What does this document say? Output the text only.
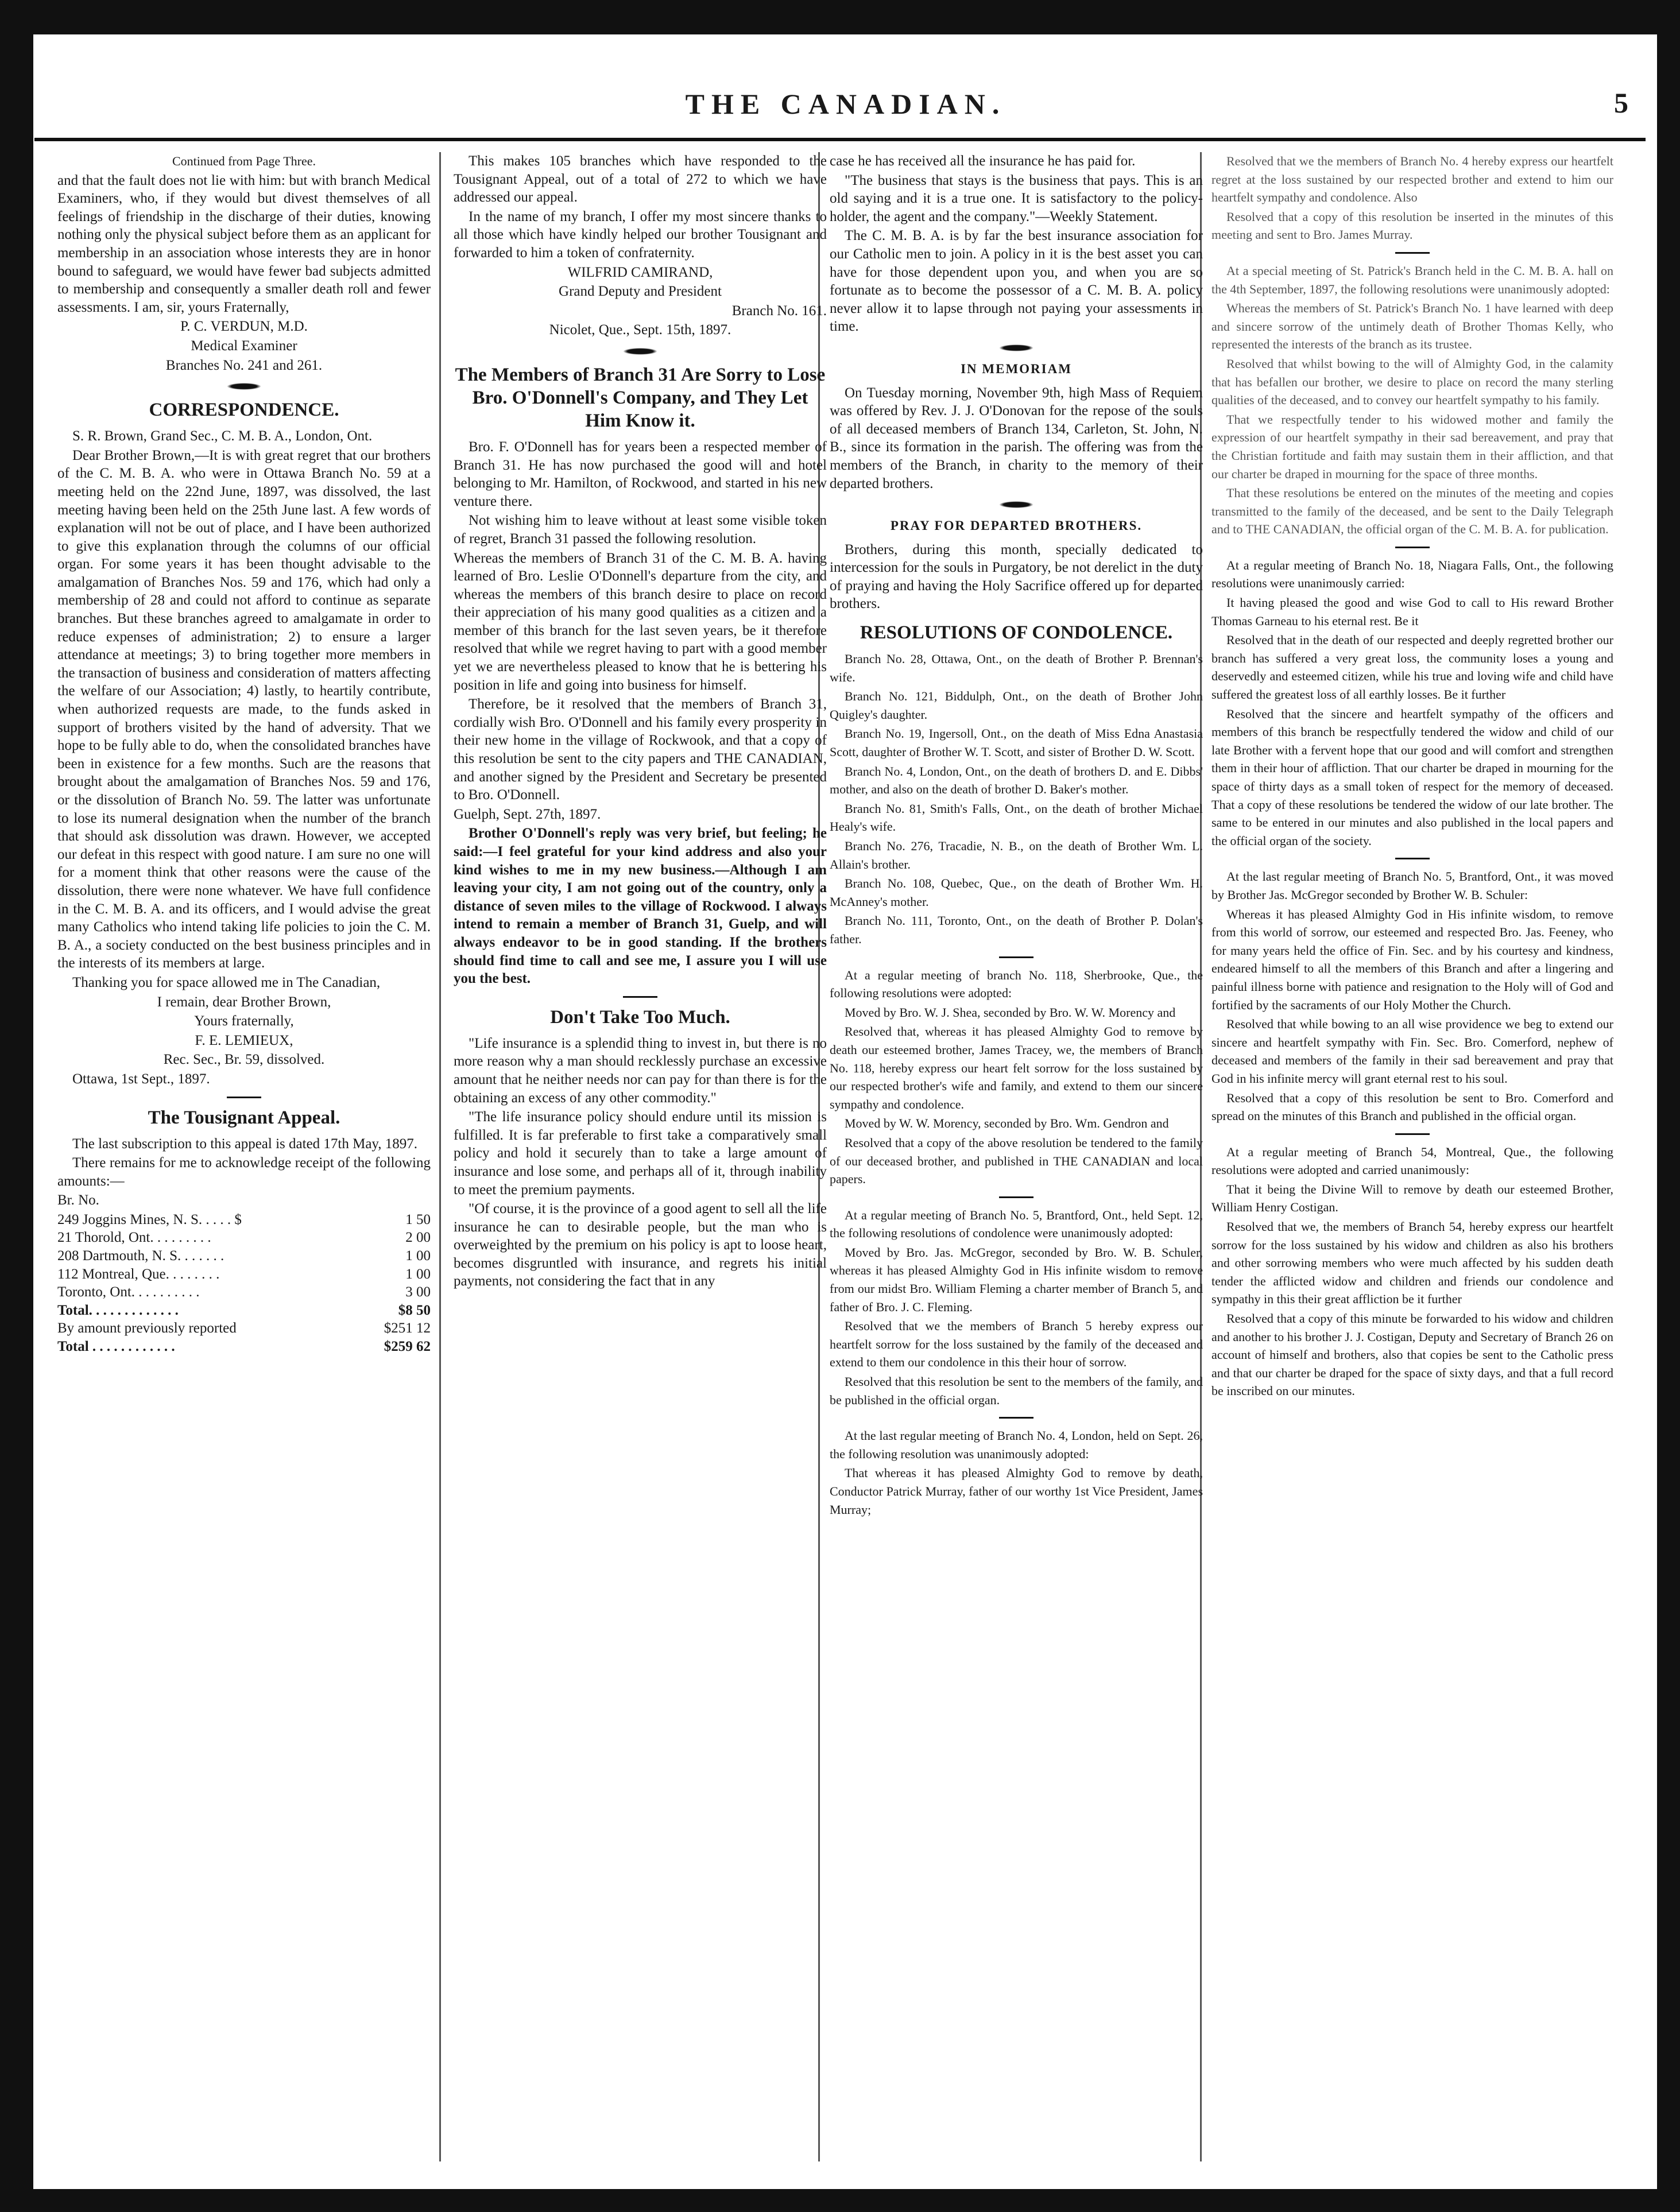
THE CANADIAN.	5

Continued from Page Three.

and that the fault does not lie with him: but with branch Medical Examiners, who, if they would but divest themselves of all feelings of friendship in the discharge of their duties, knowing nothing only the physical subject before them as an applicant for membership in an association whose interests they are in honor bound to safeguard, we would have fewer bad subjects admitted to membership and consequently a smaller death roll and fewer assessments. I am, sir, yours Fraternally,

P. C. VERDUN, M.D.

Medical Examiner

Branches No. 241 and 261.

CORRESPONDENCE.

S. R. Brown, Grand Sec., C. M. B. A., London, Ont.

Dear Brother Brown,—It is with great regret that our brothers of the C. M. B. A. who were in Ottawa Branch No. 59 at a meeting held on the 22nd June, 1897, was dissolved, the last meeting having been held on the 25th June last. A few words of explanation will not be out of place, and I have been authorized to give this explanation through the columns of our official organ. For some years it has been thought advisable to the amalgamation of Branches Nos. 59 and 176, which had only a membership of 28 and could not afford to continue as separate branches. But these branches agreed to amalgamate in order to reduce expenses of administration; 2) to ensure a larger attendance at meetings; 3) to bring together more members in the transaction of business and consideration of matters affecting the welfare of our Association; 4) lastly, to heartily contribute, when authorized requests are made, to the funds asked in support of brothers visited by the hand of adversity. That we hope to be fully able to do, when the consolidated branches have been in existence for a few months. Such are the reasons that brought about the amalgamation of Branches Nos. 59 and 176, or the dissolution of Branch No. 59. The latter was unfortunate to lose its numeral designation when the number of the branch that should ask dissolution was drawn. However, we accepted our defeat in this respect with good nature. I am sure no one will for a moment think that other reasons were the cause of the dissolution, there were none whatever. We have full confidence in the C. M. B. A. and its officers, and I would advise the great many Catholics who intend taking life policies to join the C. M. B. A., a society conducted on the best business principles and in the interests of its members at large.

Thanking you for space allowed me in The Canadian,

I remain, dear Brother Brown,

Yours fraternally,

F. E. LEMIEUX,

Rec. Sec., Br. 59, dissolved.

Ottawa, 1st Sept., 1897.

The Tousignant Appeal.

The last subscription to this appeal is dated 17th May, 1897.

There remains for me to acknowledge receipt of the following amounts:—

Br. No.

249 Joggins Mines, N. S. . . . . $	1 50
21 Thorold, Ont. . . . . . . . .	2 00
208 Dartmouth, N. S. . . . . . .	1 00
112 Montreal, Que. . . . . . . .	1 00
Toronto, Ont. . . . . . . . . .	3 00
Total. . . . . . . . . . . . .	$8 50
By amount previously reported	$251 12
Total . . . . . . . . . . . .	$259 62

This makes 105 branches which have responded to the Tousignant Appeal, out of a total of 272 to which we have addressed our appeal.

In the name of my branch, I offer my most sincere thanks to all those which have kindly helped our brother Tousignant and forwarded to him a token of confraternity.

WILFRID CAMIRAND,

Grand Deputy and President

Branch No. 161.

Nicolet, Que., Sept. 15th, 1897.

The Members of Branch 31 Are Sorry to Lose Bro. O'Donnell's Company, and They Let Him Know it.

Bro. F. O'Donnell has for years been a respected member of Branch 31. He has now purchased the good will and hotel belonging to Mr. Hamilton, of Rockwood, and started in his new venture there.

Not wishing him to leave without at least some visible token of regret, Branch 31 passed the following resolution.

Whereas the members of Branch 31 of the C. M. B. A. having learned of Bro. Leslie O'Donnell's departure from the city, and whereas the members of this branch desire to place on record their appreciation of his many good qualities as a citizen and a member of this branch for the last seven years, be it therefore resolved that while we regret having to part with a good member yet we are nevertheless pleased to know that he is bettering his position in life and going into business for himself.

Therefore, be it resolved that the members of Branch 31, cordially wish Bro. O'Donnell and his family every prosperity in their new home in the village of Rockwook, and that a copy of this resolution be sent to the city papers and THE CANADIAN, and another signed by the President and Secretary be presented to Bro. O'Donnell.

Guelph, Sept. 27th, 1897.

Brother O'Donnell's reply was very brief, but feeling; he said:—I feel grateful for your kind address and also your kind wishes to me in my new business.—Although I am leaving your city, I am not going out of the country, only a distance of seven miles to the village of Rockwood. I always intend to remain a member of Branch 31, Guelp, and will always endeavor to be in good standing. If the brothers should find time to call and see me, I assure you I will use you the best.

Don't Take Too Much.

"Life insurance is a splendid thing to invest in, but there is no more reason why a man should recklessly purchase an excessive amount that he neither needs nor can pay for than there is for the obtaining an excess of any other commodity."

"The life insurance policy should endure until its mission is fulfilled. It is far preferable to first take a comparatively small policy and hold it securely than to take a large amount of insurance and lose some, and perhaps all of it, through inability to meet the premium payments.

"Of course, it is the province of a good agent to sell all the life insurance he can to desirable people, but the man who is overweighted by the premium on his policy is apt to loose heart, becomes disgruntled with insurance, and regrets his initial payments, not considering the fact that in any

case he has received all the insurance he has paid for.

"The business that stays is the business that pays. This is an old saying and it is a true one. It is satisfactory to the policy-holder, the agent and the company."—Weekly Statement.

The C. M. B. A. is by far the best insurance association for our Catholic men to join. A policy in it is the best asset you can have for those dependent upon you, and when you are so fortunate as to become the possessor of a C. M. B. A. policy never allow it to lapse through not paying your assessments in time.

IN MEMORIAM

On Tuesday morning, November 9th, high Mass of Requiem was offered by Rev. J. J. O'Donovan for the repose of the souls of all deceased members of Branch 134, Carleton, St. John, N. B., since its formation in the parish. The offering was from the members of the Branch, in charity to the memory of their departed brothers.

PRAY FOR DEPARTED BROTHERS.

Brothers, during this month, specially dedicated to intercession for the souls in Purgatory, be not derelict in the duty of praying and having the Holy Sacrifice offered up for departed brothers.

RESOLUTIONS OF CONDOLENCE.

Branch No. 28, Ottawa, Ont., on the death of Brother P. Brennan's wife.

Branch No. 121, Biddulph, Ont., on the death of Brother John Quigley's daughter.

Branch No. 19, Ingersoll, Ont., on the death of Miss Edna Anastasia Scott, daughter of Brother W. T. Scott, and sister of Brother D. W. Scott.

Branch No. 4, London, Ont., on the death of brothers D. and E. Dibbs' mother, and also on the death of brother D. Baker's mother.

Branch No. 81, Smith's Falls, Ont., on the death of brother Michael Healy's wife.

Branch No. 276, Tracadie, N. B., on the death of Brother Wm. L. Allain's brother.

Branch No. 108, Quebec, Que., on the death of Brother Wm. H. McAnney's mother.

Branch No. 111, Toronto, Ont., on the death of Brother P. Dolan's father.

At a regular meeting of branch No. 118, Sherbrooke, Que., the following resolutions were adopted:

Moved by Bro. W. J. Shea, seconded by Bro. W. W. Morency and

Resolved that, whereas it has pleased Almighty God to remove by death our esteemed brother, James Tracey, we, the members of Branch No. 118, hereby express our heart felt sorrow for the loss sustained by our respected brother's wife and family, and extend to them our sincere sympathy and condolence.

Moved by W. W. Morency, seconded by Bro. Wm. Gendron and

Resolved that a copy of the above resolution be tendered to the family of our deceased brother, and published in THE CANADIAN and local papers.

At a regular meeting of Branch No. 5, Brantford, Ont., held Sept. 12, the following resolutions of condolence were unanimously adopted:

Moved by Bro. Jas. McGregor, seconded by Bro. W. B. Schuler, whereas it has pleased Almighty God in His infinite wisdom to remove from our midst Bro. William Fleming a charter member of Branch 5, and father of Bro. J. C. Fleming.

Resolved that we the members of Branch 5 hereby express our heartfelt sorrow for the loss sustained by the family of the deceased and extend to them our condolence in this their hour of sorrow.

Resolved that this resolution be sent to the members of the family, and be published in the official organ.

At the last regular meeting of Branch No. 4, London, held on Sept. 26, the following resolution was unanimously adopted:

That whereas it has pleased Almighty God to remove by death, Conductor Patrick Murray, father of our worthy 1st Vice President, James Murray;

Resolved that we the members of Branch No. 4 hereby express our heartfelt regret at the loss sustained by our respected brother and extend to him our heartfelt sympathy and condolence. Also

Resolved that a copy of this resolution be inserted in the minutes of this meeting and sent to Bro. James Murray.

At a special meeting of St. Patrick's Branch held in the C. M. B. A. hall on the 4th September, 1897, the following resolutions were unanimously adopted:

Whereas the members of St. Patrick's Branch No. 1 have learned with deep and sincere sorrow of the untimely death of Brother Thomas Kelly, who represented the interests of the branch as its trustee.

Resolved that whilst bowing to the will of Almighty God, in the calamity that has befallen our brother, we desire to place on record the many sterling qualities of the deceased, and to convey our heartfelt sympathy to his family.

That we respectfully tender to his widowed mother and family the expression of our heartfelt sympathy in their sad bereavement, and pray that the Christian fortitude and faith may sustain them in their affliction, and that our charter be draped in mourning for the space of three months.

That these resolutions be entered on the minutes of the meeting and copies transmitted to the family of the deceased, and be sent to the Daily Telegraph and to THE CANADIAN, the official organ of the C. M. B. A. for publication.

At a regular meeting of Branch No. 18, Niagara Falls, Ont., the following resolutions were unanimously carried:

It having pleased the good and wise God to call to His reward Brother Thomas Garneau to his eternal rest. Be it

Resolved that in the death of our respected and deeply regretted brother our branch has suffered a very great loss, the community loses a young and deservedly and esteemed citizen, while his true and loving wife and child have suffered the greatest loss of all earthly losses. Be it further

Resolved that the sincere and heartfelt sympathy of the officers and members of this branch be respectfully tendered the widow and child of our late Brother with a fervent hope that our good and will comfort and strengthen them in their hour of affliction. That our charter be draped in mourning for the space of thirty days as a small token of respect for the memory of deceased. That a copy of these resolutions be tendered the widow of our late brother. The same to be entered in our minutes and also published in the local papers and the official organ of the society.

At the last regular meeting of Branch No. 5, Brantford, Ont., it was moved by Brother Jas. McGregor seconded by Brother W. B. Schuler:

Whereas it has pleased Almighty God in His infinite wisdom, to remove from this world of sorrow, our esteemed and respected Bro. Jas. Feeney, who for many years held the office of Fin. Sec. and by his courtesy and kindness, endeared himself to all the members of this Branch and after a lingering and painful illness borne with patience and resignation to the Holy will of God and fortified by the sacraments of our Holy Mother the Church.

Resolved that while bowing to an all wise providence we beg to extend our sincere and heartfelt sympathy with Fin. Sec. Bro. Comerford, nephew of deceased and members of the family in their sad bereavement and pray that God in his infinite mercy will grant eternal rest to his soul.

Resolved that a copy of this resolution be sent to Bro. Comerford and spread on the minutes of this Branch and published in the official organ.

At a regular meeting of Branch 54, Montreal, Que., the following resolutions were adopted and carried unanimously:

That it being the Divine Will to remove by death our esteemed Brother, William Henry Costigan.

Resolved that we, the members of Branch 54, hereby express our heartfelt sorrow for the loss sustained by his widow and children as also his brothers and other sorrowing members who were much affected by his sudden death tender the afflicted widow and children and friends our condolence and sympathy in this their great affliction be it further

Resolved that a copy of this minute be forwarded to his widow and children and another to his brother J. J. Costigan, Deputy and Secretary of Branch 26 on account of himself and brothers, also that copies be sent to the Catholic press and that our charter be draped for the space of sixty days, and that a full record be inscribed on our minutes.
